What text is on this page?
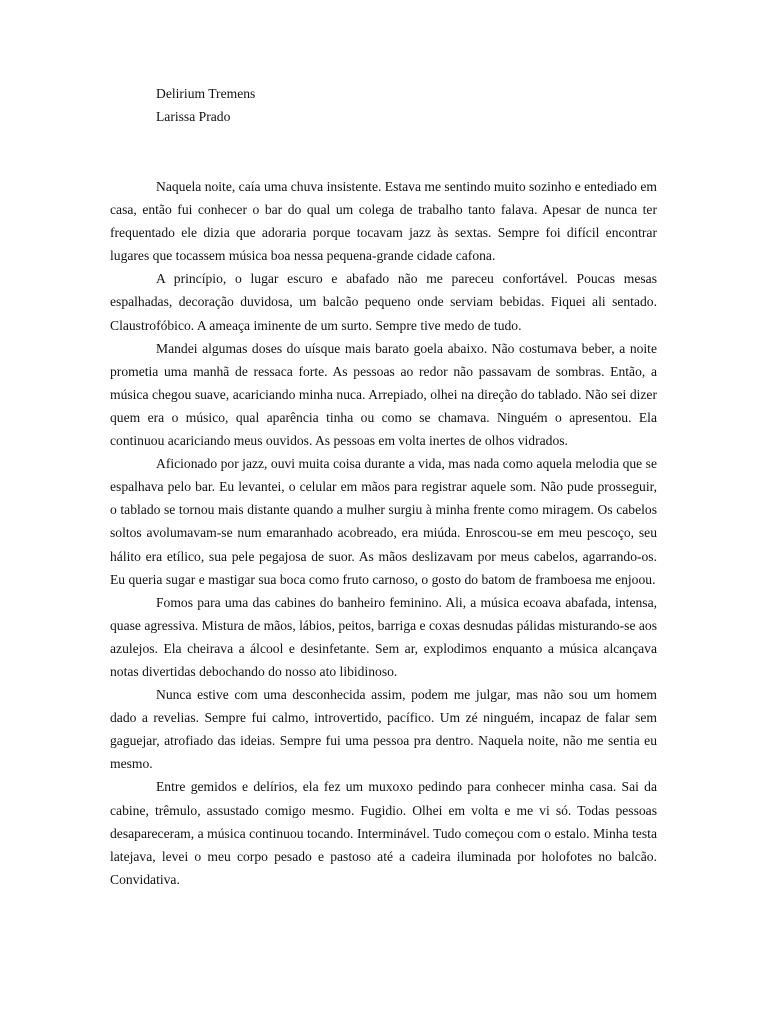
Delirium Tremens
Larissa Prado

Naquela noite, caía uma chuva insistente. Estava me sentindo muito sozinho e entediado em casa, então fui conhecer o bar do qual um colega de trabalho tanto falava. Apesar de nunca ter frequentado ele dizia que adoraria porque tocavam jazz às sextas. Sempre foi difícil encontrar lugares que tocassem música boa nessa pequena-grande cidade cafona.

A princípio, o lugar escuro e abafado não me pareceu confortável. Poucas mesas espalhadas, decoração duvidosa, um balcão pequeno onde serviam bebidas. Fiquei ali sentado. Claustrofóbico. A ameaça iminente de um surto. Sempre tive medo de tudo.

Mandei algumas doses do uísque mais barato goela abaixo. Não costumava beber, a noite prometia uma manhã de ressaca forte. As pessoas ao redor não passavam de sombras. Então, a música chegou suave, acariciando minha nuca. Arrepiado, olhei na direção do tablado. Não sei dizer quem era o músico, qual aparência tinha ou como se chamava. Ninguém o apresentou. Ela continuou acariciando meus ouvidos. As pessoas em volta inertes de olhos vidrados.

Aficionado por jazz, ouvi muita coisa durante a vida, mas nada como aquela melodia que se espalhava pelo bar. Eu levantei, o celular em mãos para registrar aquele som. Não pude prosseguir, o tablado se tornou mais distante quando a mulher surgiu à minha frente como miragem. Os cabelos soltos avolumavam-se num emaranhado acobreado, era miúda. Enroscou-se em meu pescoço, seu hálito era etílico, sua pele pegajosa de suor. As mãos deslizavam por meus cabelos, agarrando-os. Eu queria sugar e mastigar sua boca como fruto carnoso, o gosto do batom de framboesa me enjoou.

Fomos para uma das cabines do banheiro feminino. Ali, a música ecoava abafada, intensa, quase agressiva. Mistura de mãos, lábios, peitos, barriga e coxas desnudas pálidas misturando-se aos azulejos. Ela cheirava a álcool e desinfetante. Sem ar, explodimos enquanto a música alcançava notas divertidas debochando do nosso ato libidinoso.

Nunca estive com uma desconhecida assim, podem me julgar, mas não sou um homem dado a revelias. Sempre fui calmo, introvertido, pacífico. Um zé ninguém, incapaz de falar sem gaguejar, atrofiado das ideias. Sempre fui uma pessoa pra dentro. Naquela noite, não me sentia eu mesmo.

Entre gemidos e delírios, ela fez um muxoxo pedindo para conhecer minha casa. Sai da cabine, trêmulo, assustado comigo mesmo. Fugidio. Olhei em volta e me vi só. Todas pessoas desapareceram, a música continuou tocando. Interminável. Tudo começou com o estalo. Minha testa latejava, levei o meu corpo pesado e pastoso até a cadeira iluminada por holofotes no balcão. Convidativa.
